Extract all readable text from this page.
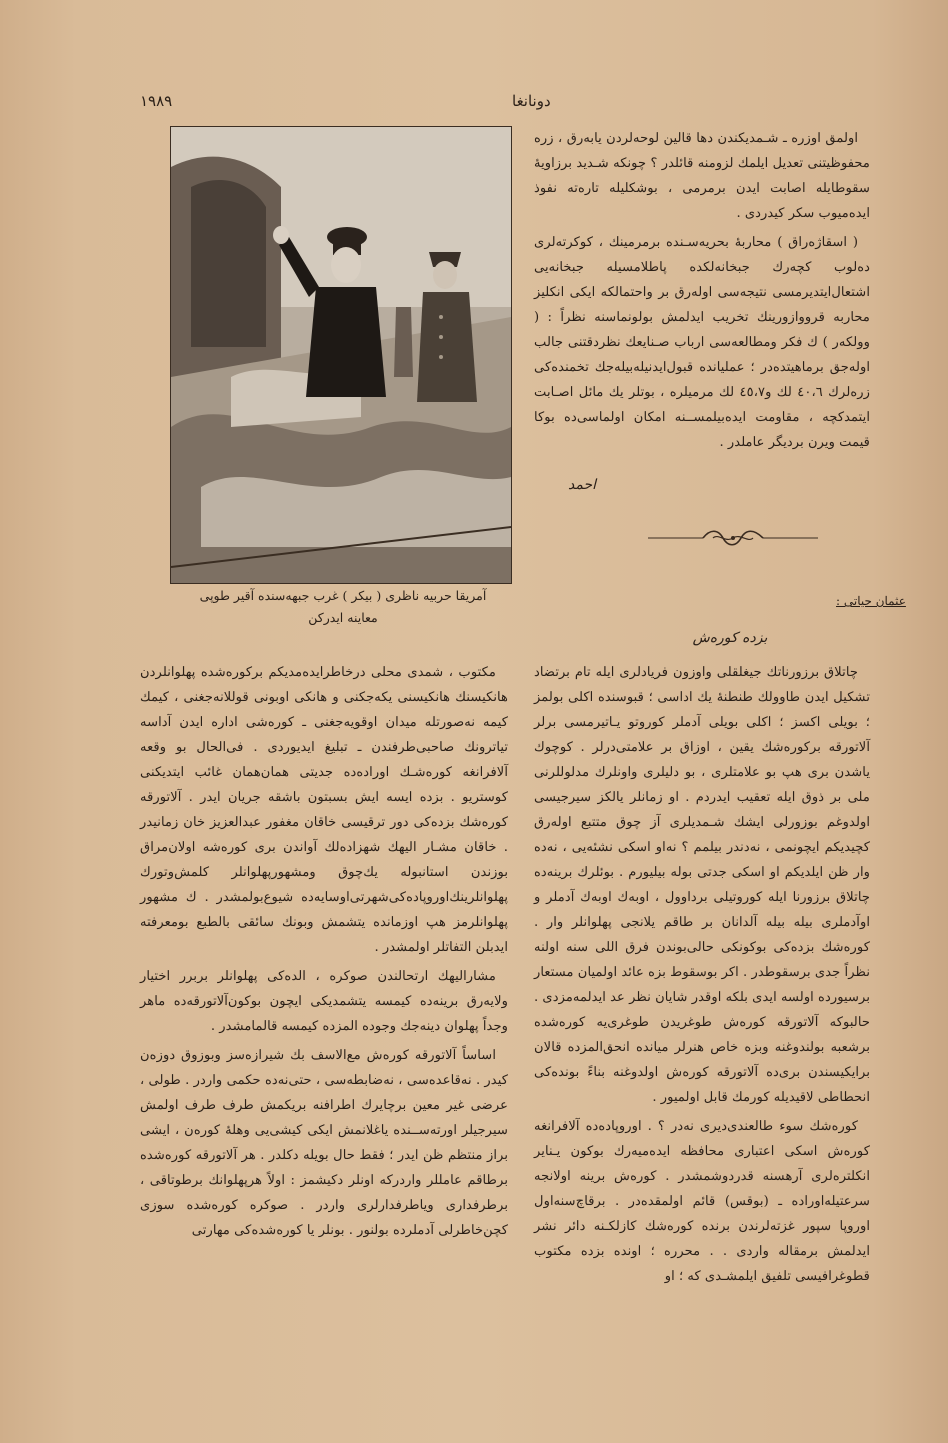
١٩٨٩	دونانغا

اولمق اوزره ـ شـمديكندن دها قالين لوحه‌لردن يابه‌رق ، زره محفوظيتنى تعديل ايلمك لزومنه قائلدر ؟ چونكه شـديد برزاويهٔ سقوطايله اصابت ايدن برمرمى ، بوشكليله تاره‌ته نفوذ ايده‌ميوب سكر كيدردى .

( اسقاژه‌راق ) محاربهٔ بحريه‌سـنده برمرمينك ، كوكرته‌لرى دەلوب كچه‌رك جبخانه‌لكده پاطلامسيله جبخانه‌يى اشتعال‌ايتديرمسى نتيجه‌سى اوله‌رق بر واحتمالكه ايكى انكليز محاربه قرووازورينك تخريب ايدلمش بولونماسنه نظراً : ( وولكەر ) ك فكر ومطالعه‌سى ارباب صـنايعك نظردقتنى جالب اوله‌جق برماهيتده‌در ؛ عمليانده قبول‌ايدنيله‌بيله‌جك تخمنده‌كى زره‌لرك ٤٠،٦ لك و٤٥،٧ لك مرميلره ، بوتلر يك مائل اصـابت ايتمدكچه ، مقاومت ايده‌بيلمســنه امكان اولماسى‌ده بوكا قيمت ويرن بردیگر عاملدر .

احمد
عثمان حياتى :
بزده كوره‌ش

چاتلاق برزورناتك جيغلقلى واوزون فريادلرى ايله تام برتضاد تشكيل ايدن طاوولك طنطنهٔ يك اداسى ؛ قبوسنده اكلى بولمز ؛ بويلى اكسز ؛ اكلى بويلى آدملر كوروتو يـاتيرمسى برلر آلاتورقه بركوره‌شك يقين ، اوزاق بر علامتى‌درلر . كوچوك ياشدن برى هپ بو علامتلرى ، بو دليلرى واونلرك مدلوللرنى ملى بر ذوق ايله تعقيب ايدردم . او زمانلر يالكز سيرجيسى اولدوغم بوزورلى ايشك شـمديلرى آز چوق متتبع اوله‌رق كچيديكم ايچونمى ، نه‌دندر بيلمم ؟ نه‌او اسكى نشئه‌يى ، نه‌ده وار ظن ايلديكم او اسكى جدتى بوله بيليورم . بوئلرك برينه‌ده چاتلاق برزورنا ايله كوروتيلى برداوول ، اوبەك اوبەك آدملر و اوآدملرى بيله بيله آلدانان بر طاقم يلانجى پهلوانلر وار . كوره‌شك بزده‌كى بوكونكى حالى‌بوندن فرق اللى سنه اولنه نظراً جدى برسقوطدر . اكر بوسقوط بزه عائد اولميان مستعار برسيورده اولسه ايدى بلكه اوقدر شايان نظر عد ايدلمه‌مزدى . حالبوكه آلاتورقه كوره‌ش طوغريدن طوغرى‌يه كورەشدە برشعبه بولندوغنه وبزه خاص هنرلر ميانده انحق‌المزده قالان برايكيسندن برى‌ده آلاتورقه كوره‌ش اولدوغنه بناءً بونده‌كى انحطاطى لاقيديله كورمك قابل اولميور .

كوره‌شك سوء طالعندى‌ديرى نه‌در ؟ . اوروپاده‌ده آلافرانغه كوره‌ش اسكى اعتبارى محافظه ايده‌ميه‌رك بوكون يـناير انكلتره‌لرى آرهسنه قدردوشمشدر . كوره‌ش برينه اولانجه سرعتيله‌اوراده ـ (بوقس) قائم اولمقده‌در . برقاچ‌سنه‌اول اوروپا سپور غزته‌لرندن برنده كوره‌شك كازلكـنه دائر نشر ايدلمش برمقاله واردى . . محرره ؛ اونده بزده مكتوب قطوغرافيسى تلفيق ايلمشـدى كه ؛ او

آمريقا حربيه ناظرى ( بيكر ) غرب جبهه‌سنده آقير طوپى معاينه ايدركن

مكتوب ، شمدى محلى درخاطرايده‌مديكم بركوره‌شده پهلوانلردن هانكيسنك هانكيسنى يكه‌جكنى و هانكى اوبونى قوللانه‌جغنى ، كيمك كيمه نه‌صورتله ميدان اوقويه‌جغنى ـ كوره‌شى اداره ايدن آداسه تياترونك صاحبى‌طرفندن ـ تبليغ ايديوردى . فى‌الحال بو وقعه آلافرانغه كوره‌شـك اوراده‌ده جديتى همان‌همان غائب ايتديكنى كوستريو . بزده ايسه ايش بسبتون باشقه جريان ايدر . آلاتورقه كوره‌شك بزده‌كى دور ترقيسى خاقان مغفور عبدالعزيز خان زمانيدر . خاقان مشـار اليهك شهزاده‌لك آواندن برى كوره‌شه اولان‌مراق بوزندن استانبوله يك‌چوق ومشهورپهلوانلر كلمش‌وتورك پهلوانلرينك‌اوروپاده‌كى‌شهرتى‌اوسايه‌ده شيوع‌بولمشدر . ك مشهور پهلوانلرمز هپ اوزمانده يتشمش وبونك سائقى بالطبع بومعرفته ايدبلن التفاتلر اولمشدر .

مشاراليهك ارتحالندن صوكره ، الده‌كى پهلوانلر بربرر اختيار ولايه‌رق برينه‌ده كيمسه يتشمديكى ايچون بوكون‌آلاتورقه‌ده ماهر وجداً پهلوان دينه‌جك وجوده المزده كيمسه قالمامشدر .

اساساً آلاتورقه كوره‌ش مع‌الاسف بك شيرازه‌سز وبوزوق دوزەن كيدر . نه‌قاعده‌سى ، نه‌ضابطه‌سى ، حتى‌نه‌ده حكمى واردر . طولى ، عرضى غير معين برچايرك اطرافنه بريكمش طرف طرف اولمش سيرجيلر اورته‌ســنده ياغلانمش ايكى كيشى‌يى وهلهٔ كوره‌ن ، ايشى براز منتظم ظن ايدر ؛ فقط حال بويله دكلدر . هر آلاتورقه كوره‌شده برطاقم عامللر واردركه اونلر دكيشمز : اولاً هرپهلوانك برطوتاقى ، برطرفدارى وياطرفدارلرى واردر . صوكره كوره‌شده سوزى كچن‌خاطرلى آدملرده بولنور . بونلر يا كوره‌شده‌كى مهارتى
